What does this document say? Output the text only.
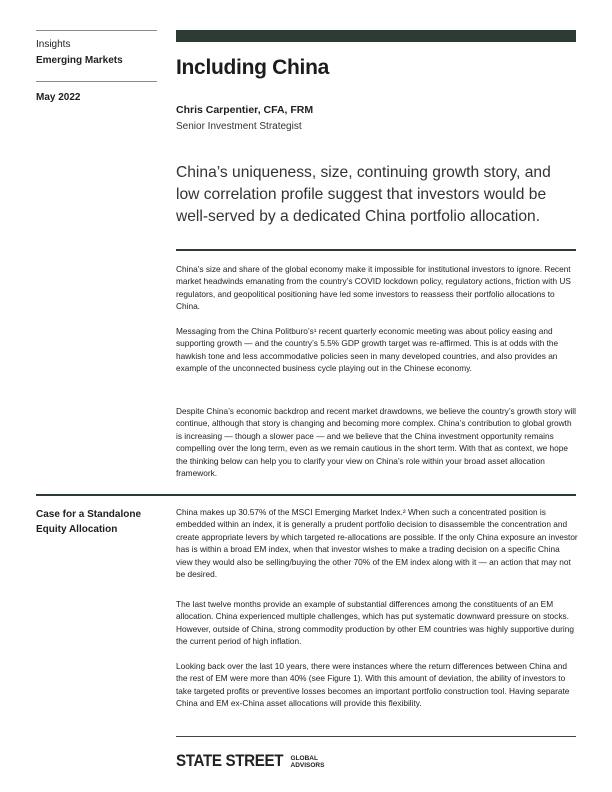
Insights
Emerging Markets
May 2022
Including China
Chris Carpentier, CFA, FRM
Senior Investment Strategist
China’s uniqueness, size, continuing growth story, and low correlation profile suggest that investors would be well-served by a dedicated China portfolio allocation.

China’s size and share of the global economy make it impossible for institutional investors to ignore. Recent market headwinds emanating from the country’s COVID lockdown policy, regulatory actions, friction with US regulators, and geopolitical positioning have led some investors to reassess their portfolio allocations to China.

Messaging from the China Politburo’s¹ recent quarterly economic meeting was about policy easing and supporting growth — and the country’s 5.5% GDP growth target was re-affirmed. This is at odds with the hawkish tone and less accommodative policies seen in many developed countries, and also provides an example of the unconnected business cycle playing out in the Chinese economy.

Despite China’s economic backdrop and recent market drawdowns, we believe the country’s growth story will continue, although that story is changing and becoming more complex. China’s contribution to global growth is increasing — though a slower pace — and we believe that the China investment opportunity remains compelling over the long term, even as we remain cautious in the short term. With that as context, we hope the thinking below can help you to clarify your view on China’s role within your broad asset allocation framework.

Case for a Standalone Equity Allocation

China makes up 30.57% of the MSCI Emerging Market Index.² When such a concentrated position is embedded within an index, it is generally a prudent portfolio decision to disassemble the concentration and create appropriate levers by which targeted re-allocations are possible. If the only China exposure an investor has is within a broad EM index, when that investor wishes to make a trading decision on a specific China view they would also be selling/buying the other 70% of the EM index along with it — an action that may not be desired.

The last twelve months provide an example of substantial differences among the constituents of an EM allocation. China experienced multiple challenges, which has put systematic downward pressure on stocks. However, outside of China, strong commodity production by other EM countries was highly supportive during the current period of high inflation.

Looking back over the last 10 years, there were instances where the return differences between China and the rest of EM were more than 40% (see Figure 1). With this amount of deviation, the ability of investors to take targeted profits or preventive losses becomes an important portfolio construction tool. Having separate China and EM ex-China asset allocations will provide this flexibility.

STATE STREET GLOBAL
ADVISORS
